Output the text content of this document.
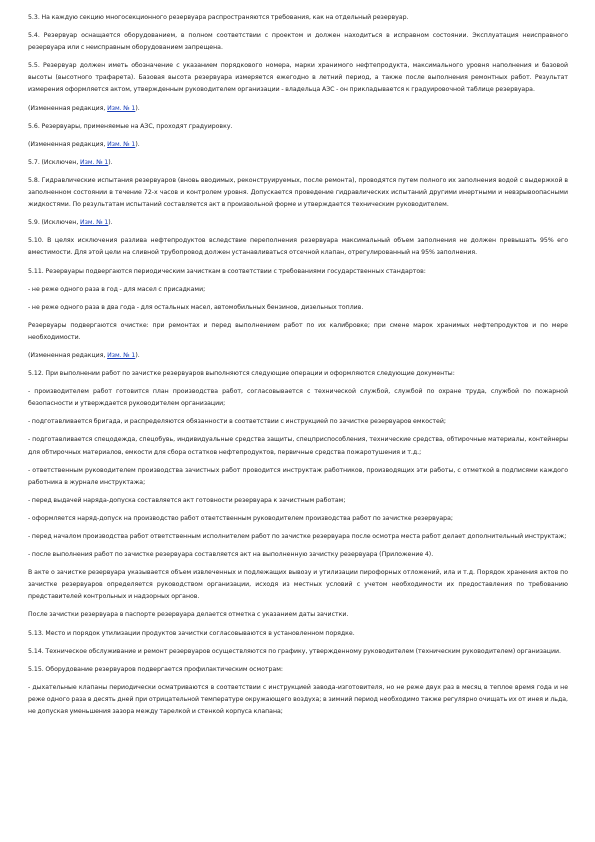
5.3. На каждую секцию многосекционного резервуара распространяются требования, как на отдельный резервуар.

5.4. Резервуар оснащается оборудованием, в полном соответствии с проектом и должен находиться в исправном состоянии. Эксплуатация неисправного резервуара или с неисправным оборудованием запрещена.

5.5. Резервуар должен иметь обозначение с указанием порядкового номера, марки хранимого нефтепродукта, максимального уровня наполнения и базовой высоты (высотного трафарета). Базовая высота резервуара измеряется ежегодно в летний период, а также после выполнения ремонтных работ. Результат измерения оформляется актом, утвержденным руководителем организации - владельца АЗС - он прикладывается к градуировочной таблице резервуара.

(Измененная редакция, Изм. № 1).

5.6. Резервуары, применяемые на АЗС, проходят градуировку.

(Измененная редакция, Изм. № 1).

5.7. (Исключен, Изм. № 1).

5.8. Гидравлические испытания резервуаров (вновь вводимых, реконструируемых, после ремонта), проводятся путем полного их заполнения водой с выдержкой в заполненном состоянии в течение 72-х часов и контролем уровня. Допускается проведение гидравлических испытаний другими инертными и невзрывоопасными жидкостями. По результатам испытаний составляется акт в произвольной форме и утверждается техническим руководителем.

5.9. (Исключен, Изм. № 1).

5.10. В целях исключения разлива нефтепродуктов вследствие переполнения резервуара максимальный объем заполнения не должен превышать 95% его вместимости. Для этой цели на сливной трубопровод должен устанавливаться отсечной клапан, отрегулированный на 95% заполнения.

5.11. Резервуары подвергаются периодическим зачисткам в соответствии с требованиями государственных стандартов:

- не реже одного раза в год - для масел с присадками;

- не реже одного раза в два года - для остальных масел, автомобильных бензинов, дизельных топлив.

Резервуары подвергаются очистке: при ремонтах и перед выполнением работ по их калибровке; при смене марок хранимых нефтепродуктов и по мере необходимости.

(Измененная редакция, Изм. № 1).

5.12. При выполнении работ по зачистке резервуаров выполняются следующие операции и оформляются следующие документы:

- производителем работ готовится план производства работ, согласовывается с технической службой, службой по охране труда, службой по пожарной безопасности и утверждается руководителем организации;

- подготавливается бригада, и распределяются обязанности в соответствии с инструкцией по зачистке резервуаров емкостей;

- подготавливается спецодежда, спецобувь, индивидуальные средства защиты, спецприспособления, технические средства, обтирочные материалы, контейнеры для обтирочных материалов, емкости для сбора остатков нефтепродуктов, первичные средства пожаротушения и т.д.;

- ответственным руководителем производства зачистных работ проводится инструктаж работников, производящих эти работы, с отметкой в подписями каждого работника в журнале инструктажа;

- перед выдачей наряда-допуска составляется акт готовности резервуара к зачистным работам;

- оформляется наряд-допуск на производство работ ответственным руководителем производства работ по зачистке резервуара;

- перед началом производства работ ответственным исполнителем работ по зачистке резервуара после осмотра места работ делает дополнительный инструктаж;

- после выполнения работ по зачистке резервуара составляется акт на выполненную зачистку резервуара (Приложение 4).

В акте о зачистке резервуара указывается объем извлеченных и подлежащих вывозу и утилизации пирофорных отложений, ила и т.д. Порядок хранения актов по зачистке резервуаров определяется руководством организации, исходя из местных условий с учетом необходимости их предоставления по требованию представителей контрольных и надзорных органов.

После зачистки резервуара в паспорте резервуара делается отметка с указанием даты зачистки.

5.13. Место и порядок утилизации продуктов зачистки согласовываются в установленном порядке.

5.14. Техническое обслуживание и ремонт резервуаров осуществляются по графику, утвержденному руководителем (техническим руководителем) организации.

5.15. Оборудование резервуаров подвергается профилактическим осмотрам:

- дыхательные клапаны периодически осматриваются в соответствии с инструкцией завода-изготовителя, но не реже двух раз в месяц в теплое время года и не реже одного раза в десять дней при отрицательной температуре окружающего воздуха; в зимний период необходимо также регулярно очищать их от инея и льда, не допуская уменьшения зазора между тарелкой и стенкой корпуса клапана;
